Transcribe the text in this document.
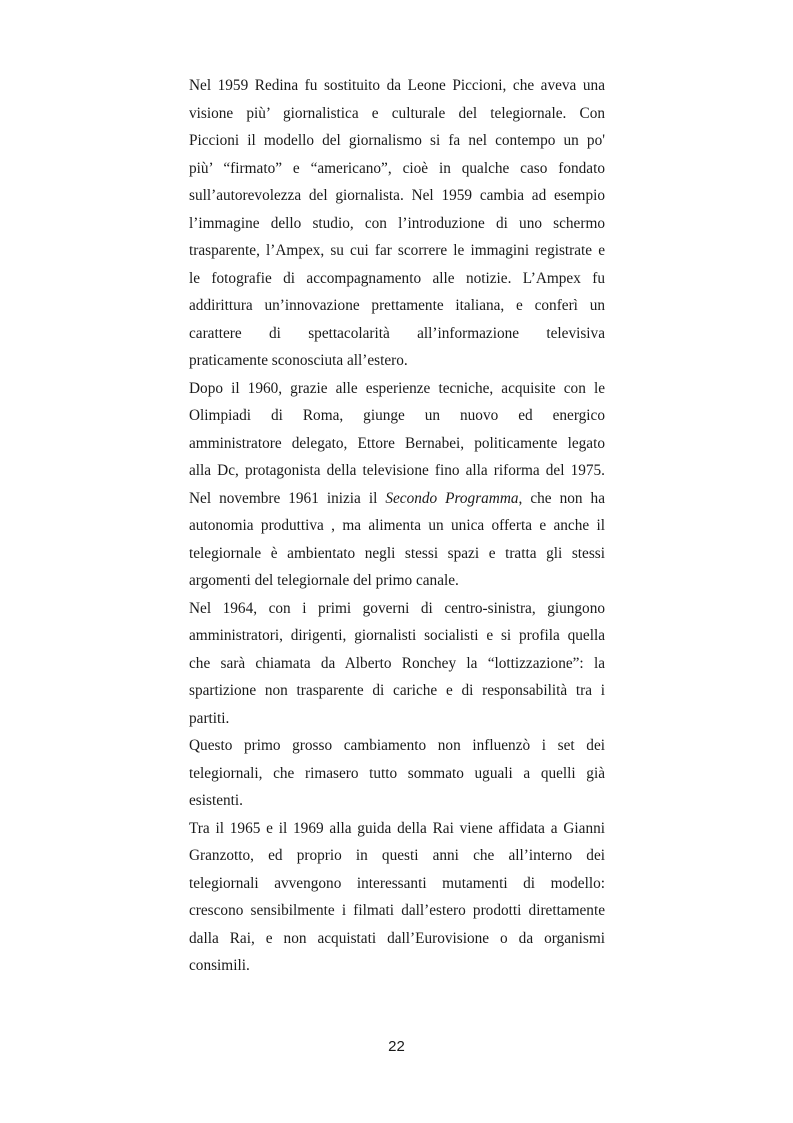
Nel 1959 Redina fu sostituito da Leone Piccioni, che aveva una
visione più’ giornalistica e culturale del telegiornale. Con
Piccioni il modello del giornalismo si fa nel contempo un po'
più’ “firmato” e “americano”, cioè in qualche caso fondato
sull’autorevolezza del giornalista. Nel 1959 cambia ad esempio
l’immagine dello studio, con l’introduzione di uno schermo
trasparente, l’Ampex, su cui far scorrere le immagini registrate e
le fotografie di accompagnamento alle notizie. L’Ampex fu
addirittura un’innovazione prettamente italiana, e conferì un
carattere di spettacolarità all’informazione televisiva
praticamente sconosciuta all’estero.
Dopo il 1960, grazie alle esperienze tecniche, acquisite con le
Olimpiadi di Roma, giunge un nuovo ed energico
amministratore delegato, Ettore Bernabei, politicamente legato
alla Dc, protagonista della televisione fino alla riforma del 1975.
Nel novembre 1961 inizia il Secondo Programma, che non ha
autonomia produttiva , ma alimenta un unica offerta e anche il
telegiornale è ambientato negli stessi spazi e tratta gli stessi
argomenti del telegiornale del primo canale.
Nel 1964, con i primi governi di centro-sinistra, giungono
amministratori, dirigenti, giornalisti socialisti e si profila quella
che sarà chiamata da Alberto Ronchey la “lottizzazione”: la
spartizione non trasparente di cariche e di responsabilità tra i
partiti.
Questo primo grosso cambiamento non influenzò i set dei
telegiornali, che rimasero tutto sommato uguali a quelli già
esistenti.
Tra il 1965 e il 1969 alla guida della Rai viene affidata a Gianni
Granzotto, ed proprio in questi anni che all’interno dei
telegiornali avvengono interessanti mutamenti di modello:
crescono sensibilmente i filmati dall’estero prodotti direttamente
dalla Rai, e non acquistati dall’Eurovisione o da organismi
consimili.
22
